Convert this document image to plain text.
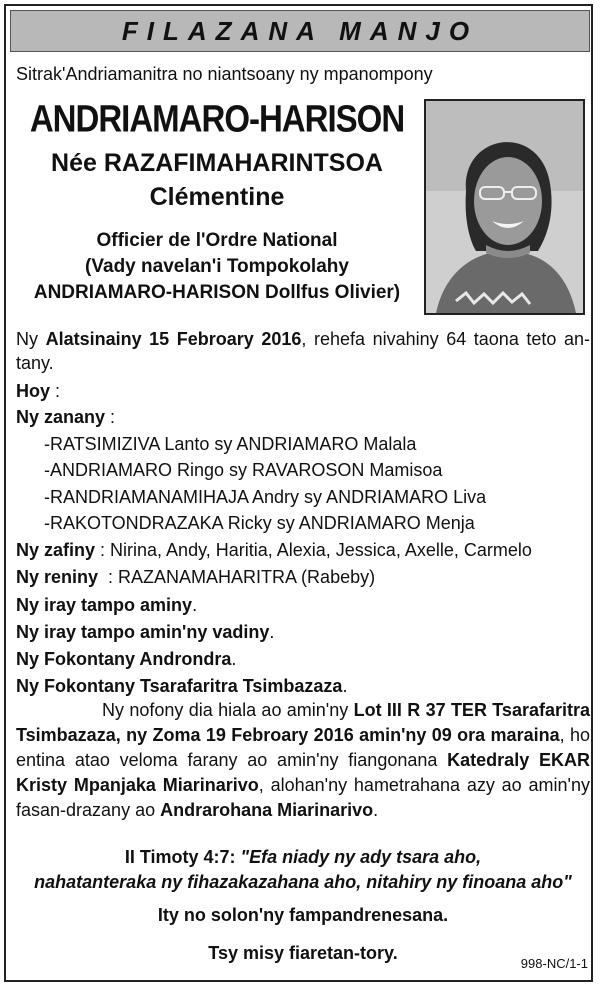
FILAZANA MANJO
Sitrak'Andriamanitra no niantsoany ny mpanompony
ANDRIAMARO-HARISON
Née RAZAFIMAHARINTSOA
Clémentine
Officier de l'Ordre National
(Vady navelan'i Tompokolahy
ANDRIAMARO-HARISON Dollfus Olivier)
Ny Alatsinainy 15 Febroary 2016, rehefa nivahiny 64 taona teto an-tany.
Hoy :
Ny zanany :
-RATSIMIZIVA Lanto sy ANDRIAMARO Malala
-ANDRIAMARO Ringo sy RAVAROSON Mamisoa
-RANDRIAMANAMIHAJA Andry sy ANDRIAMARO Liva
-RAKOTONDRAZAKA Ricky sy ANDRIAMARO Menja
Ny zafiny : Nirina, Andy, Haritia, Alexia, Jessica, Axelle, Carmelo
Ny reniny  : RAZANAMAHARITRA (Rabeby)
Ny iray tampo aminy.
Ny iray tampo amin'ny vadiny.
Ny Fokontany Androndra.
Ny Fokontany Tsarafaritra Tsimbazaza.
Ny nofony dia hiala ao amin'ny Lot III R 37 TER Tsarafaritra Tsimbazaza, ny Zoma 19 Febroary 2016 amin'ny 09 ora maraina, ho entina atao veloma farany ao amin'ny fiangonana Katedraly EKAR Kristy Mpanjaka Miarinarivo, alohan'ny hametrahana azy ao amin'ny fasan-drazany ao Andrarohana Miarinarivo.
II Timoty 4:7: "Efa niady ny ady tsara aho,
nahatanteraka ny fihazakazahana aho, nitahiry ny finoana aho"
Ity no solon'ny fampandrenesana.
Tsy misy fiaretan-tory.
998-NC/1-1
